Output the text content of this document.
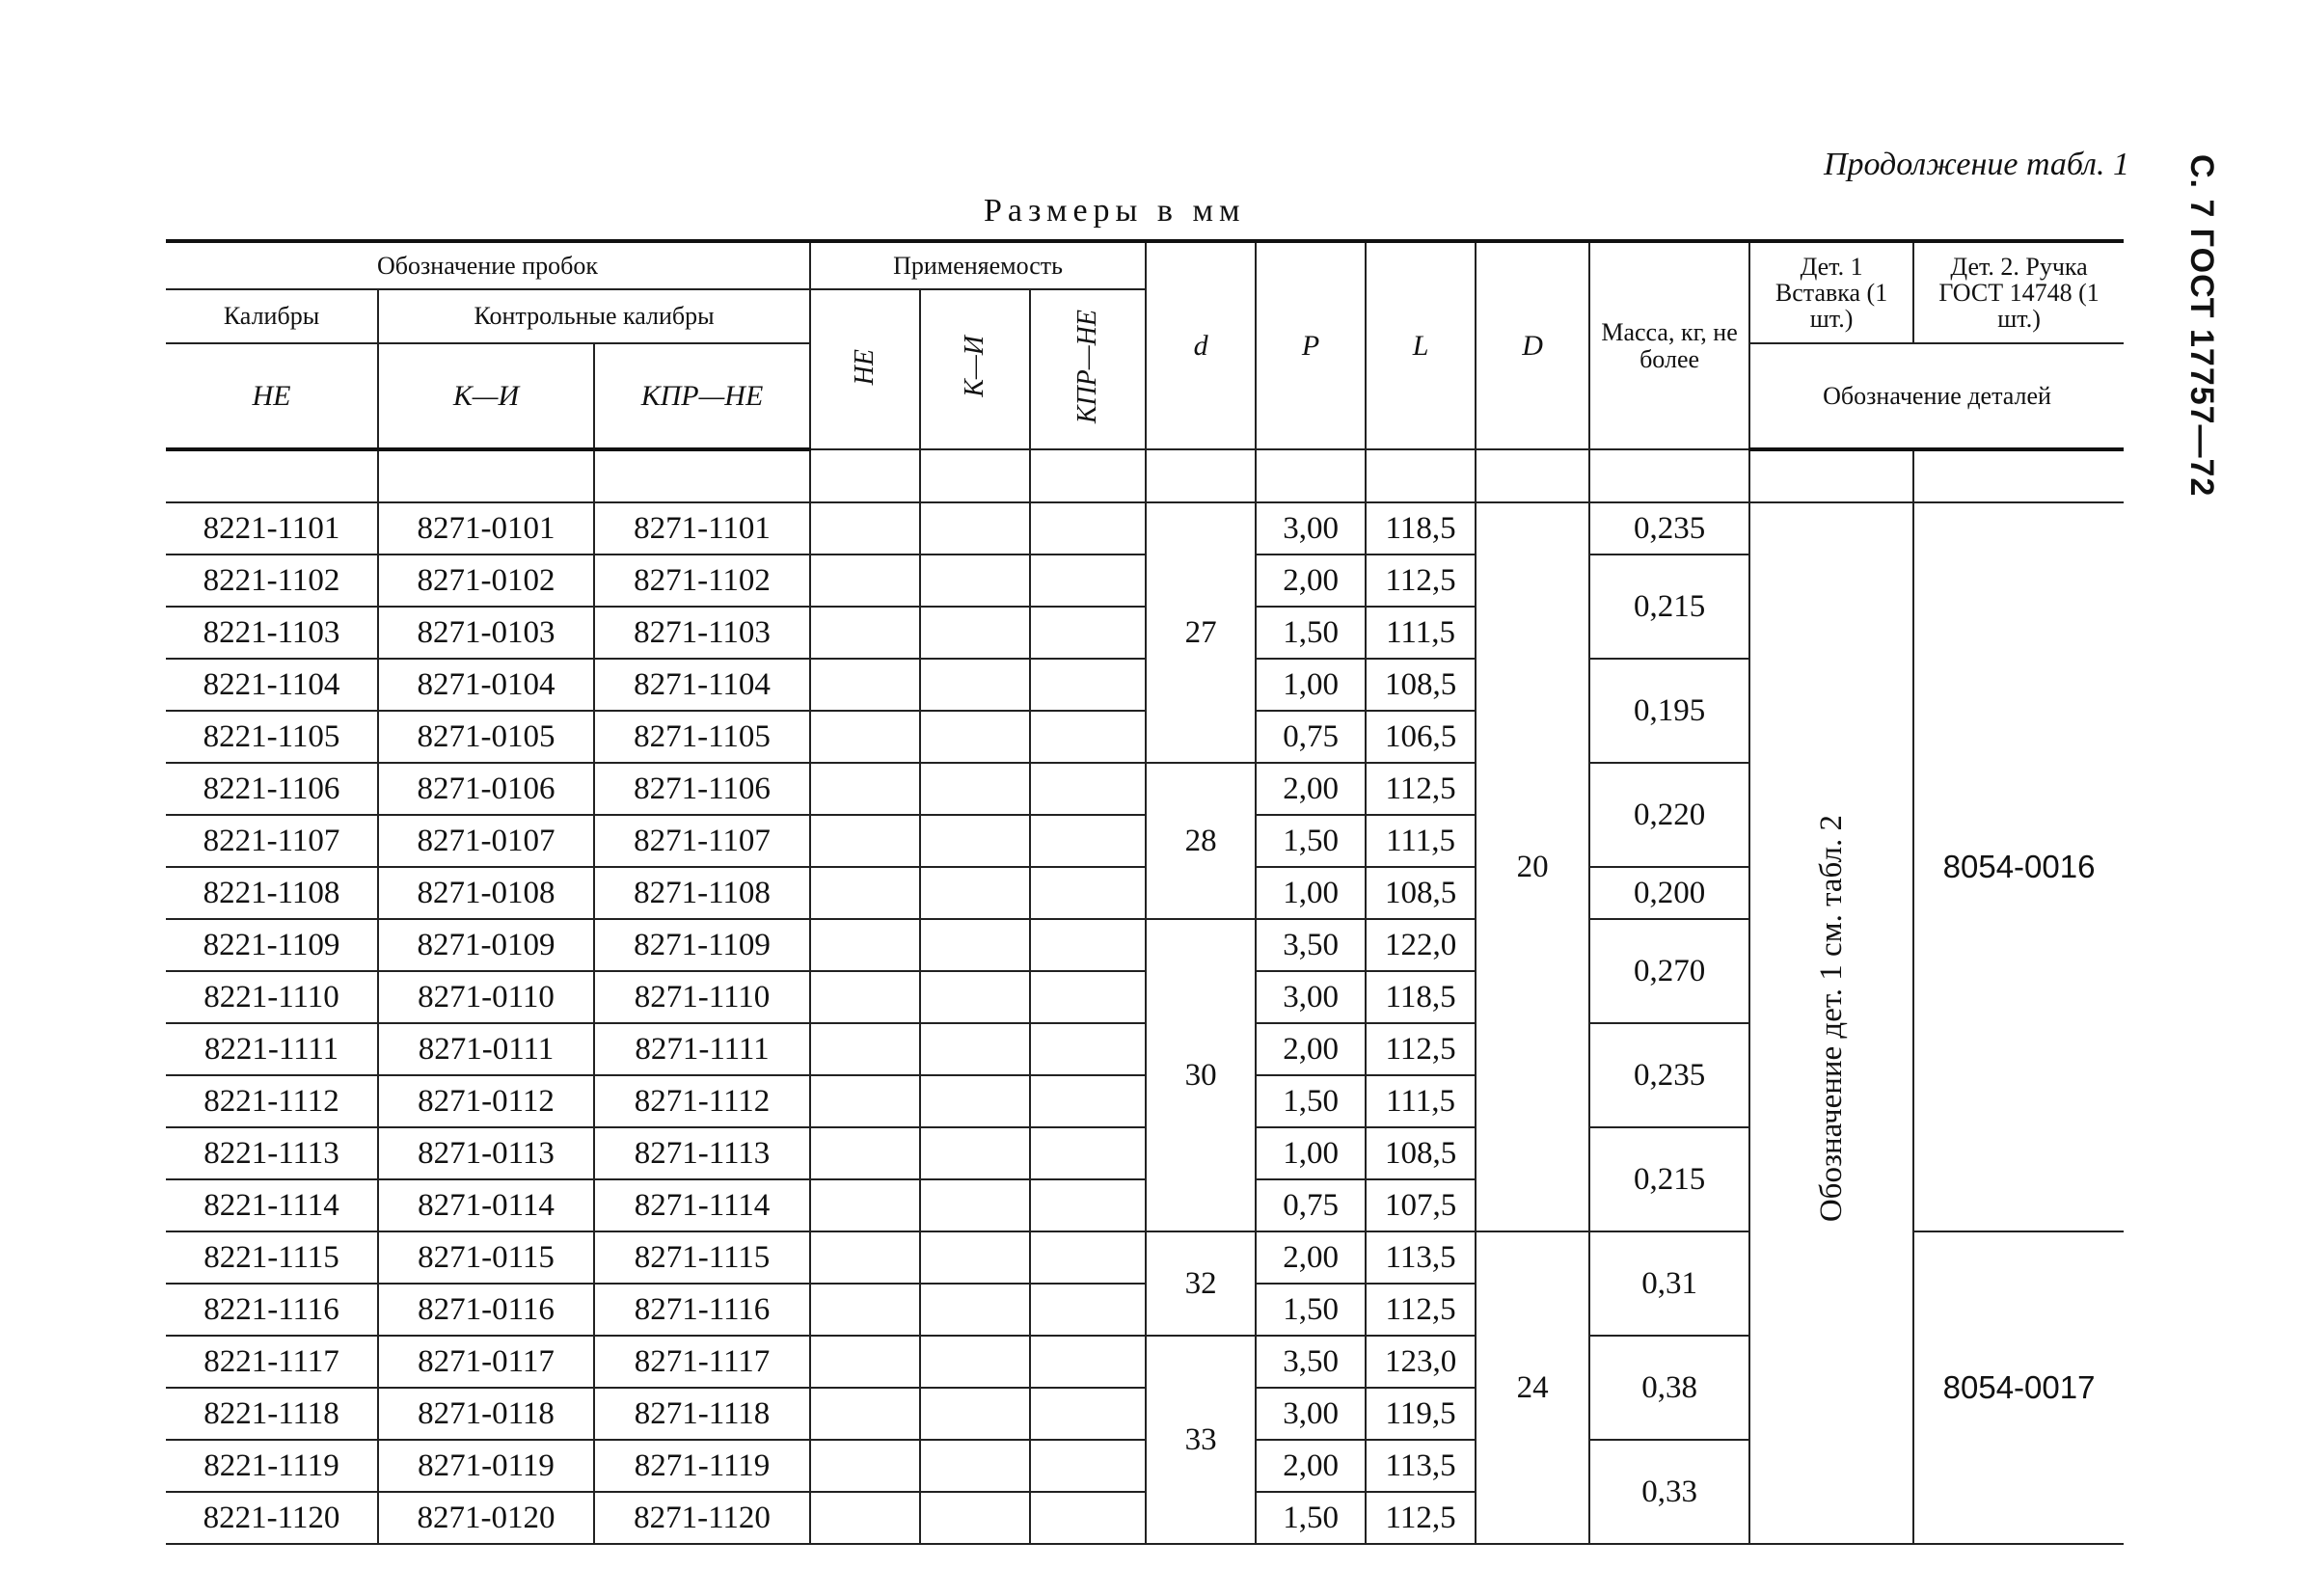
Продолжение табл. 1
Размеры в мм	С. 7 ГОСТ 17757—72
Обозначение пробок			Применяемость			d	P	L	D	Масса, кг, не более	Дет. 1 Вставка (1 шт.)	Дет. 2. Ручка ГОСТ 14748 (1 шт.)
Калибры	Контрольные калибры		НЕ	К—И	КПР—НЕ							
НЕ	К—И	КПР—НЕ									Обозначение деталей	

8221-1101	8271-0101	8271-1101				27	3,00	118,5	20	0,235	Обозначение дет. 1 см. табл. 2	8054-0016
8221-1102	8271-0102	8271-1102					2,00	112,5		0,215		
8221-1103	8271-0103	8271-1103					1,50	111,5				
8221-1104	8271-0104	8271-1104					1,00	108,5		0,195		
8221-1105	8271-0105	8271-1105					0,75	106,5				
8221-1106	8271-0106	8271-1106				28	2,00	112,5		0,220		
8221-1107	8271-0107	8271-1107					1,50	111,5				
8221-1108	8271-0108	8271-1108					1,00	108,5		0,200		
8221-1109	8271-0109	8271-1109				30	3,50	122,0		0,270		
8221-1110	8271-0110	8271-1110					3,00	118,5				
8221-1111	8271-0111	8271-1111					2,00	112,5		0,235		
8221-1112	8271-0112	8271-1112					1,50	111,5				
8221-1113	8271-0113	8271-1113					1,00	108,5		0,215		
8221-1114	8271-0114	8271-1114					0,75	107,5				
8221-1115	8271-0115	8271-1115				32	2,00	113,5	24	0,31		8054-0017
8221-1116	8271-0116	8271-1116					1,50	112,5				
8221-1117	8271-0117	8271-1117				33	3,50	123,0		0,38		
8221-1118	8271-0118	8271-1118					3,00	119,5				
8221-1119	8271-0119	8271-1119					2,00	113,5		0,33		
8221-1120	8271-0120	8271-1120					1,50	112,5				
